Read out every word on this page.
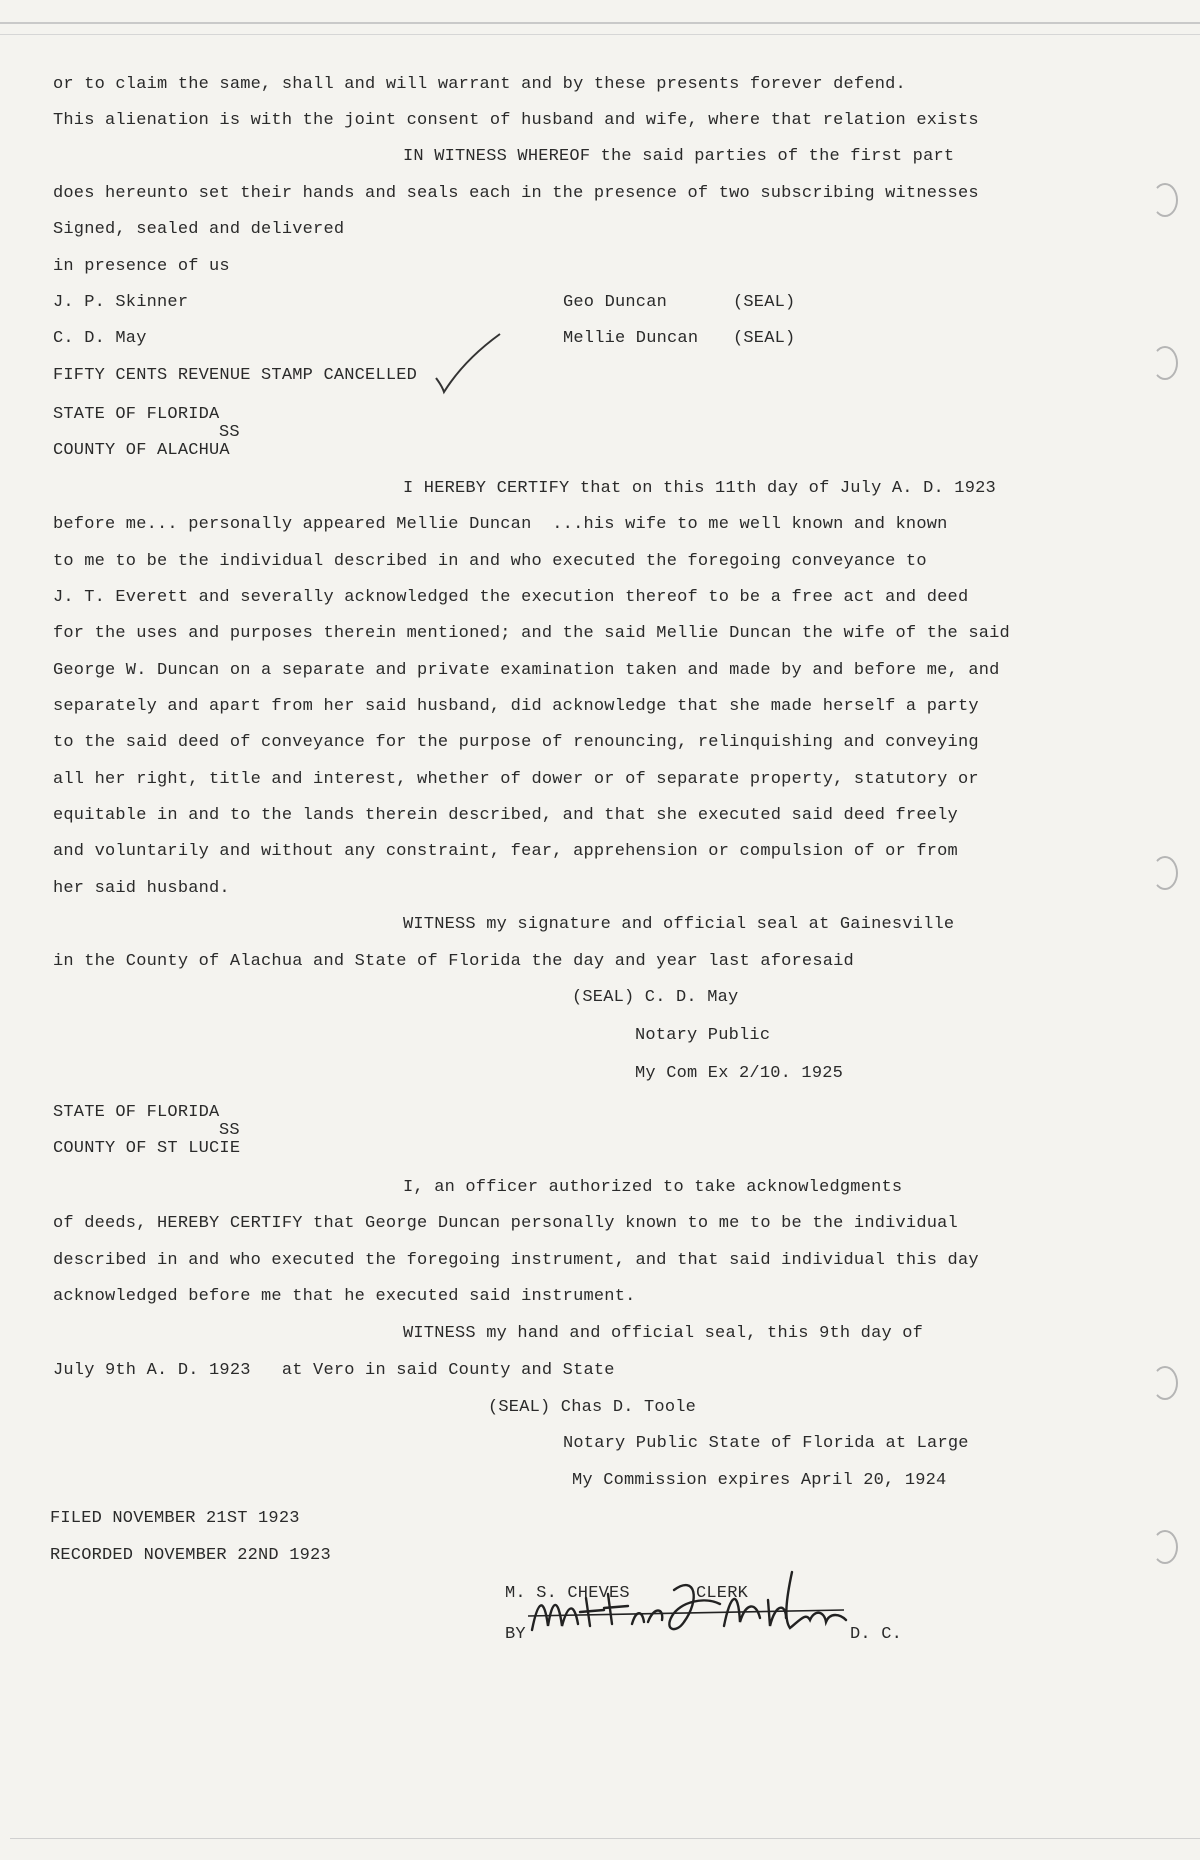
or to claim the same, shall and will warrant and by these presents forever defend.
This alienation is with the joint consent of husband and wife, where that relation exists
IN WITNESS WHEREOF the said parties of the first part
does hereunto set their hands and seals each in the presence of two subscribing witnesses
Signed, sealed and delivered
in presence of us
J. P. Skinner	Geo Duncan	(SEAL)
C. D. May	Mellie Duncan (SEAL)
FIFTY CENTS REVENUE STAMP CANCELLED
STATE OF FLORIDA
SS
COUNTY OF ALACHUA
I HEREBY CERTIFY that on this 11th day of July A. D. 1923
before me... personally appeared Mellie Duncan  ...his wife to me well known and known
to me to be the individual described in and who executed the foregoing conveyance to
J. T. Everett and severally acknowledged the execution thereof to be a free act and deed
for the uses and purposes therein mentioned; and the said Mellie Duncan the wife of the said
George W. Duncan on a separate and private examination taken and made by and before me, and
separately and apart from her said husband, did acknowledge that she made herself a party
to the said deed of conveyance for the purpose of renouncing, relinquishing and conveying
all her right, title and interest, whether of dower or of separate property, statutory or
equitable in and to the lands therein described, and that she executed said deed freely
and voluntarily and without any constraint, fear, apprehension or compulsion of or from
her said husband.
WITNESS my signature and official seal at Gainesville
in the County of Alachua and State of Florida the day and year last aforesaid
(SEAL) C. D. May
Notary Public
My Com Ex 2/10. 1925
STATE OF FLORIDA
SS
COUNTY OF ST LUCIE
I, an officer authorized to take acknowledgments
of deeds, HEREBY CERTIFY that George Duncan personally known to me to be the individual
described in and who executed the foregoing instrument, and that said individual this day
acknowledged before me that he executed said instrument.
WITNESS my hand and official seal, this 9th day of
July 9th A. D. 1923   at Vero in said County and State
(SEAL) Chas D. Toole
Notary Public State of Florida at Large
My Commission expires April 20, 1924
FILED NOVEMBER 21ST 1923
RECORDED NOVEMBER 22ND 1923
M. S. CHEVES	CLERK
BY	D. C.
